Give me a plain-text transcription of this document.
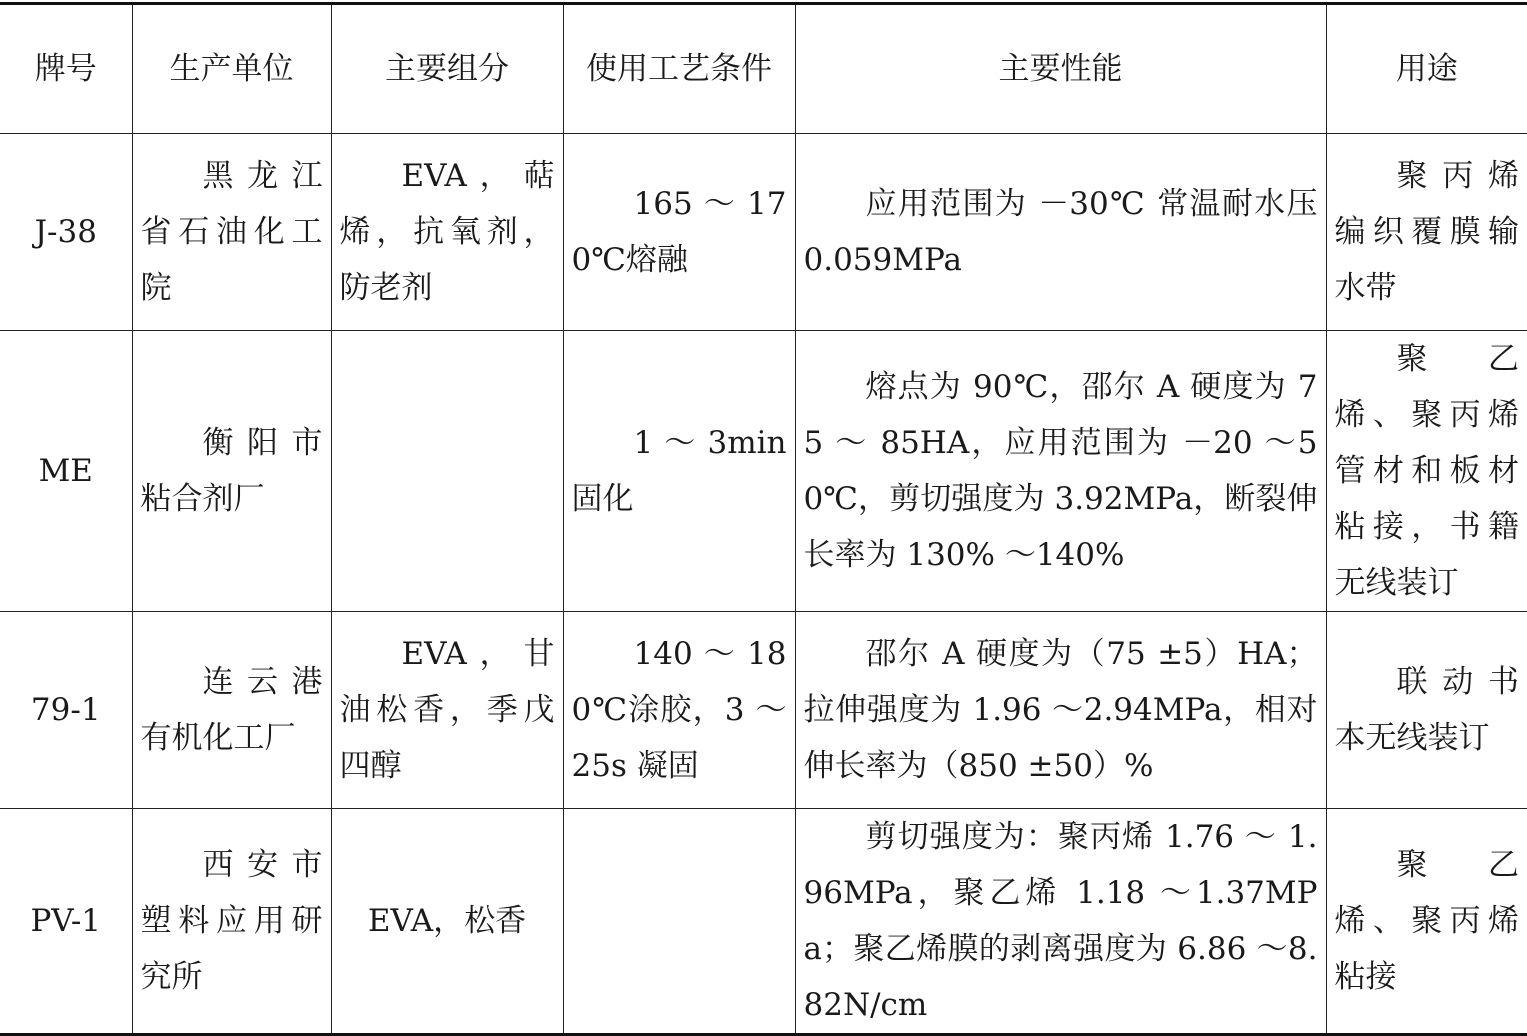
牌号	生产单位	主要组分	使用工艺条件	主要性能	用途
J-38	黑龙江省石油化工院	EVA，萜烯，抗氧剂，防老剂	165 ～ 170℃熔融	应用范围为 －30℃ 常温耐水压 0.059MPa	聚丙烯编织覆膜输水带
ME	衡阳市粘合剂厂		1 ～ 3min 固化	熔点为 90℃，邵尔 A 硬度为 75 ～ 85HA，应用范围为 －20 ～50℃，剪切强度为 3.92MPa，断裂伸长率为 130% ～140%	聚乙烯、聚丙烯管材和板材粘接，书籍无线装订
79-1	连云港有机化工厂	EVA，甘油松香，季戊四醇	140 ～ 180℃涂胶，3 ～ 25s 凝固	邵尔 A 硬度为（75 ±5）HA；拉伸强度为 1.96 ～2.94MPa，相对伸长率为（850 ±50）%	联动书本无线装订
PV-1	西安市塑料应用研究所	EVA，松香		剪切强度为：聚丙烯 1.76 ～ 1.96MPa，聚乙烯 1.18 ～1.37MPa；聚乙烯膜的剥离强度为 6.86 ～8.82N/cm	聚乙烯、聚丙烯粘接
